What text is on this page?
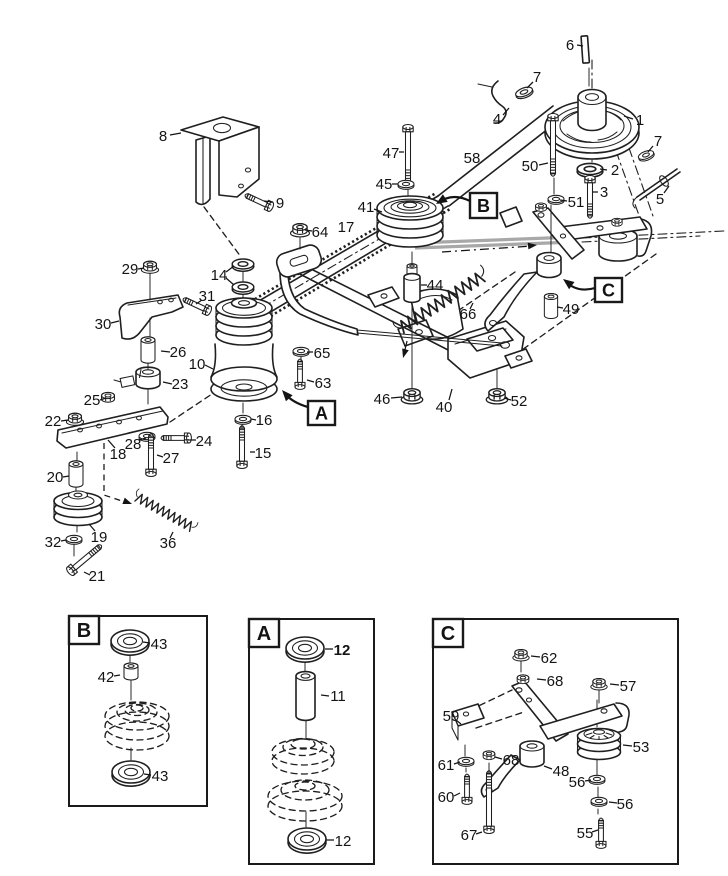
B
43
42
43
A
12
11
12
C
62
68	57
59
53
61	68
48
56
60	56
55
67
B
A
C
8
9
6
7
4	1
7
5
58	50	2
3
51
47
45
41
17
64
14
29
31
30
26
23
10
65
63
25
22
24
28
18 27
16
15
20
19
32
21
36
44
66
46	40	52
49
